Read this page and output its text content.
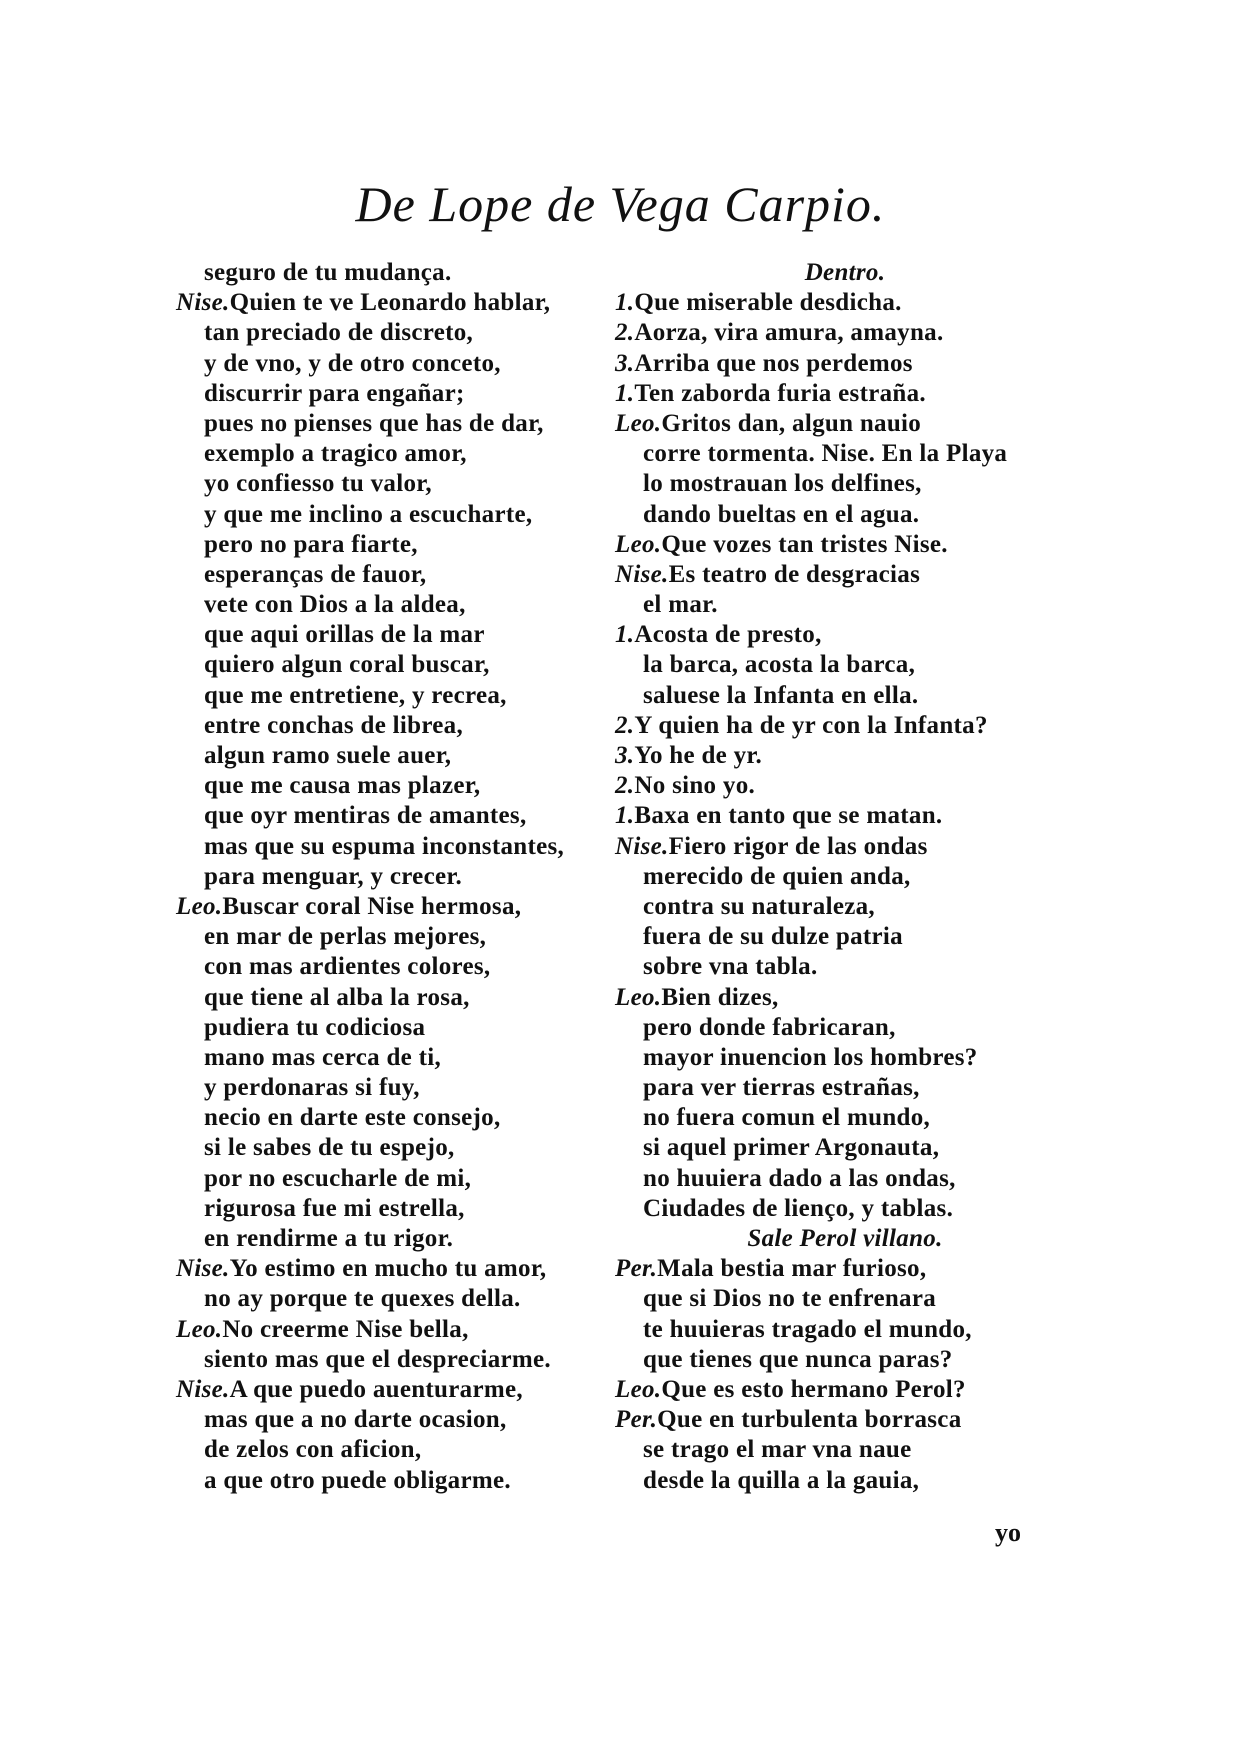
De Lope de Vega Carpio.
seguro de tu mudança.
Nise.Quien te ve Leonardo hablar,
tan preciado de discreto,
y de vno, y de otro conceto,
discurrir para engañar;
pues no pienses que has de dar,
exemplo a tragico amor,
yo confiesso tu valor,
y que me inclino a escucharte,
pero no para fiarte,
esperanças de fauor,
vete con Dios a la aldea,
que aqui orillas de la mar
quiero algun coral buscar,
que me entretiene, y recrea,
entre conchas de librea,
algun ramo suele auer,
que me causa mas plazer,
que oyr mentiras de amantes,
mas que su espuma inconstantes,
para menguar, y crecer.
Leo.Buscar coral Nise hermosa,
en mar de perlas mejores,
con mas ardientes colores,
que tiene al alba la rosa,
pudiera tu codiciosa
mano mas cerca de ti,
y perdonaras si fuy,
necio en darte este consejo,
si le sabes de tu espejo,
por no escucharle de mi,
rigurosa fue mi estrella,
en rendirme a tu rigor.
Nise.Yo estimo en mucho tu amor,
no ay porque te quexes della.
Leo.No creerme Nise bella,
siento mas que el despreciarme.
Nise.A que puedo auenturarme,
mas que a no darte ocasion,
de zelos con aficion,
a que otro puede obligarme.
Dentro.
1.Que miserable desdicha.
2.Aorza, vira amura, amayna.
3.Arriba que nos perdemos
1.Ten zaborda furia estraña.
Leo.Gritos dan, algun nauio
corre tormenta. Nise. En la Playa
lo mostrauan los delfines,
dando bueltas en el agua.
Leo.Que vozes tan tristes Nise.
Nise.Es teatro de desgracias
el mar.
1.Acosta de presto,
la barca, acosta la barca,
saluese la Infanta en ella.
2.Y quien ha de yr con la Infanta?
3.Yo he de yr.
2.No sino yo.
1.Baxa en tanto que se matan.
Nise.Fiero rigor de las ondas
merecido de quien anda,
contra su naturaleza,
fuera de su dulze patria
sobre vna tabla.
Leo.Bien dizes,
pero donde fabricaran,
mayor inuencion los hombres?
para ver tierras estrañas,
no fuera comun el mundo,
si aquel primer Argonauta,
no huuiera dado a las ondas,
Ciudades de lienço, y tablas.
Sale Perol villano.
Per.Mala bestia mar furioso,
que si Dios no te enfrenara
te huuieras tragado el mundo,
que tienes que nunca paras?
Leo.Que es esto hermano Perol?
Per.Que en turbulenta borrasca
se trago el mar vna naue
desde la quilla a la gauia,
yo
